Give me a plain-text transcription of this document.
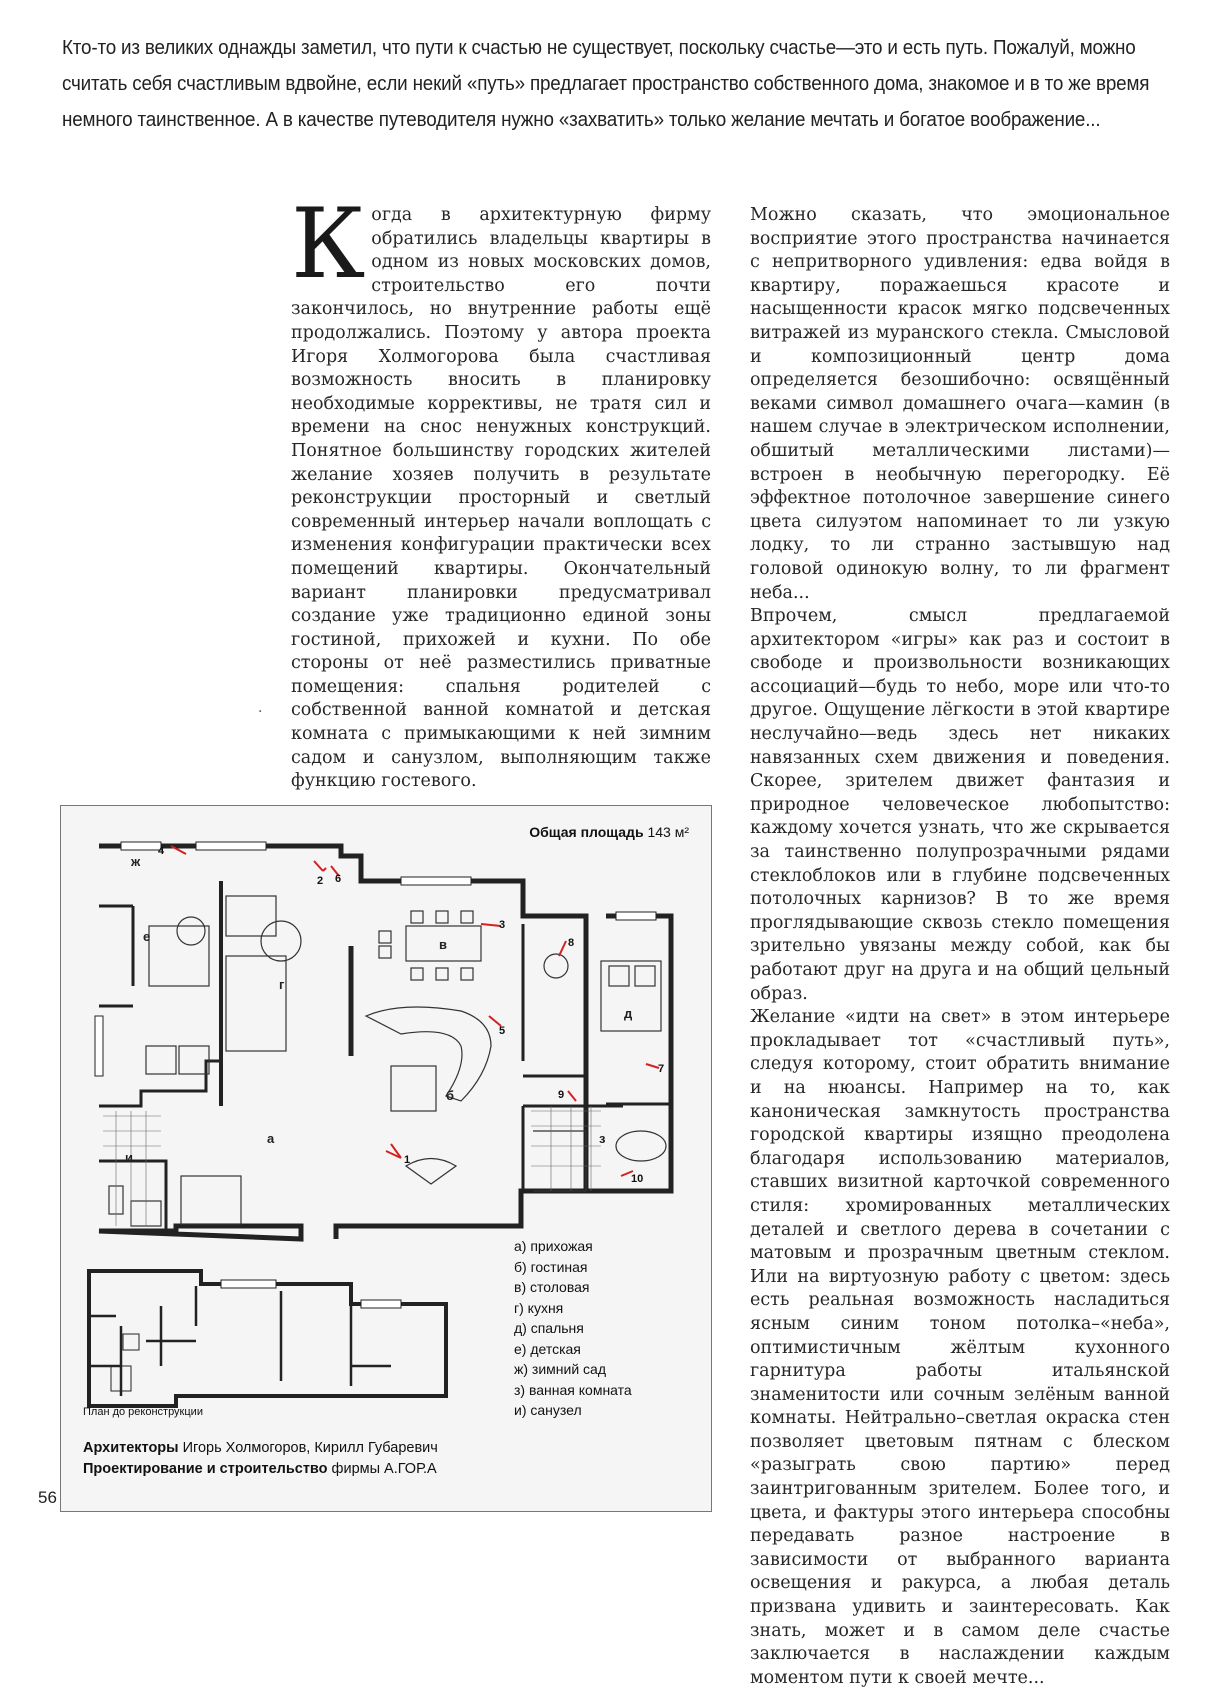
Кто-то из великих однажды заметил, что пути к счастью не существует, поскольку счастье—это и есть путь. Пожалуй, можно считать себя счастливым вдвойне, если некий «путь» предлагает пространство собственного дома, знакомое и в то же время немного таинственное. А в качестве путеводителя нужно «захватить» только желание мечтать и богатое воображение...

Когда в архитектурную фирму обратились владельцы квартиры в одном из новых московских домов, строительство его почти закончилось, но внутренние работы ещё продолжались. Поэтому у автора проекта Игоря Холмогорова была счастливая возможность вносить в планировку необходимые коррективы, не тратя сил и времени на снос ненужных конструкций. Понятное большинству городских жителей желание хозяев получить в результате реконструкции просторный и светлый современный интерьер начали воплощать с изменения конфигурации практически всех помещений квартиры. Окончательный вариант планировки предусматривал создание уже традиционно единой зоны гостиной, прихожей и кухни. По обе стороны от неё разместились приватные помещения: спальня родителей с собственной ванной комнатой и детская комната с примыкающими к ней зимним садом и санузлом, выполняющим также функцию гостевого.

·

Можно сказать, что эмоциональное восприятие этого пространства начинается с непритворного удивления: едва войдя в квартиру, поражаешься красоте и насыщенности красок мягко подсвеченных витражей из муранского стекла. Смысловой и композиционный центр дома определяется безошибочно: освящённый веками символ домашнего очага—камин (в нашем случае в электрическом исполнении, обшитый металлическими листами)—встроен в необычную перегородку. Её эффектное потолочное завершение синего цвета силуэтом напоминает то ли узкую лодку, то ли странно застывшую над головой одинокую волну, то ли фрагмент неба...

Впрочем, смысл предлагаемой архитектором «игры» как раз и состоит в свободе и произвольности возникающих ассоциаций—будь то небо, море или что-то другое. Ощущение лёгкости в этой квартире неслучайно—ведь здесь нет никаких навязанных схем движения и поведения. Скорее, зрителем движет фантазия и природное человеческое любопытство: каждому хочется узнать, что же скрывается за таинственно полупрозрачными рядами стеклоблоков или в глубине подсвеченных потолочных карнизов? В то же время проглядывающие сквозь стекло помещения зрительно увязаны между собой, как бы работают друг на друга и на общий цельный образ.

Желание «идти на свет» в этом интерьере прокладывает тот «счастливый путь», следуя которому, стоит обратить внимание и на нюансы. Например на то, как каноническая замкнутость пространства городской квартиры изящно преодолена благодаря использованию материалов, ставших визитной карточкой современного стиля: хромированных металлических деталей и светлого дерева в сочетании с матовым и прозрачным цветным стеклом. Или на виртуозную работу с цветом: здесь есть реальная возможность насладиться ясным синим тоном потолка–«неба», оптимистичным жёлтым кухонного гарнитура работы итальянской знаменитости или сочным зелёным ванной комнаты. Нейтрально–светлая окраска стен позволяет цветовым пятнам с блеском «разыграть свою партию» перед заинтригованным зрителем. Более того, и цвета, и фактуры этого интерьера способны передавать разное настроение в зависимости от выбранного варианта освещения и ракурса, а любая деталь призвана удивить и заинтересовать. Как знать, может и в самом деле счастье заключается в наслаждении каждым моментом пути к своей мечте...

Общая площадь 143 м²
ж
е
г
в
д
б
а
и
з
1
2
3
4
5
6
7
8
9
10
а) прихожая
б) гостиная
в) столовая
г) кухня
д) спальня
е) детская
ж) зимний сад
з) ванная комната
и) санузел
План до реконструкции
Архитекторы Игорь Холмогоров, Кирилл Губаревич
Проектирование и строительство фирмы А.ГОР.А
56
